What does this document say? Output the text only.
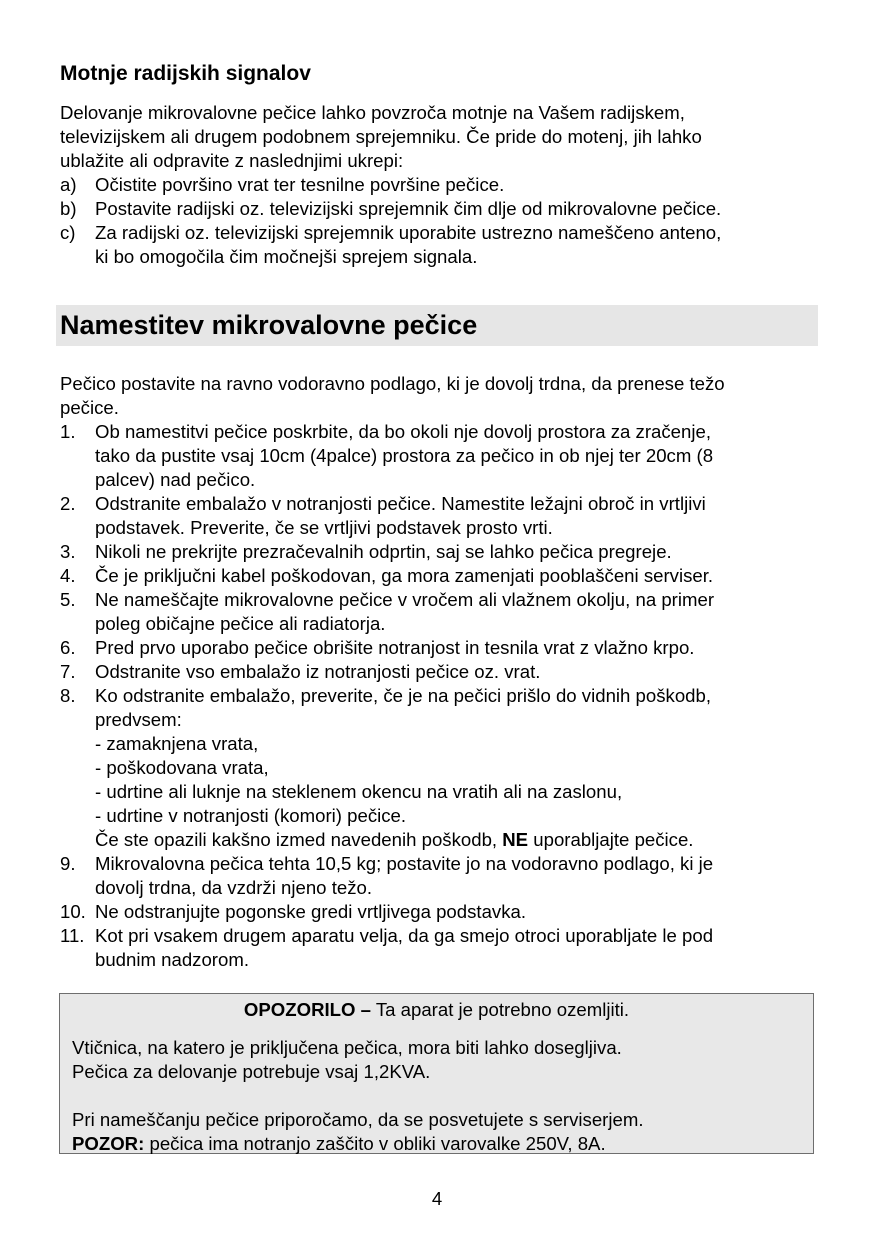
Motnje radijskih signalov
Delovanje mikrovalovne pečice lahko povzroča motnje na Vašem radijskem,
televizijskem ali drugem podobnem sprejemniku. Če pride do motenj, jih lahko
ublažite ali odpravite z naslednjimi ukrepi:
a) Očistite površino vrat ter tesnilne površine pečice.
b) Postavite radijski oz. televizijski sprejemnik čim dlje od mikrovalovne pečice.
c) Za radijski oz. televizijski sprejemnik uporabite ustrezno nameščeno anteno,
ki bo omogočila čim močnejši sprejem signala.
Namestitev mikrovalovne pečice
Pečico postavite na ravno vodoravno podlago, ki je dovolj trdna, da prenese težo
pečice.
1. Ob namestitvi pečice poskrbite, da bo okoli nje dovolj prostora za zračenje,
tako da pustite vsaj 10cm (4palce) prostora za pečico in ob njej ter 20cm (8
palcev) nad pečico.
2. Odstranite embalažo v notranjosti pečice. Namestite ležajni obroč in vrtljivi
podstavek. Preverite, če se vrtljivi podstavek prosto vrti.
3. Nikoli ne prekrijte prezračevalnih odprtin, saj se lahko pečica pregreje.
4. Če je priključni kabel poškodovan, ga mora zamenjati pooblaščeni serviser.
5. Ne nameščajte mikrovalovne pečice v vročem ali vlažnem okolju, na primer
poleg običajne pečice ali radiatorja.
6. Pred prvo uporabo pečice obrišite notranjost in tesnila vrat z vlažno krpo.
7. Odstranite vso embalažo iz notranjosti pečice oz. vrat.
8. Ko odstranite embalažo, preverite, če je na pečici prišlo do vidnih poškodb,
predvsem:
- zamaknjena vrata,
- poškodovana vrata,
- udrtine ali luknje na steklenem okencu na vratih ali na zaslonu,
- udrtine v notranjosti (komori) pečice.
Če ste opazili kakšno izmed navedenih poškodb, NE uporabljajte pečice.
9. Mikrovalovna pečica tehta 10,5 kg; postavite jo na vodoravno podlago, ki je
dovolj trdna, da vzdrži njeno težo.
10. Ne odstranjujte pogonske gredi vrtljivega podstavka.
11. Kot pri vsakem drugem aparatu velja, da ga smejo otroci uporabljate le pod
budnim nadzorom.
OPOZORILO – Ta aparat je potrebno ozemljiti.
Vtičnica, na katero je priključena pečica, mora biti lahko dosegljiva.
Pečica za delovanje potrebuje vsaj 1,2KVA.
Pri nameščanju pečice priporočamo, da se posvetujete s serviserjem.
POZOR: pečica ima notranjo zaščito v obliki varovalke 250V, 8A.
4
